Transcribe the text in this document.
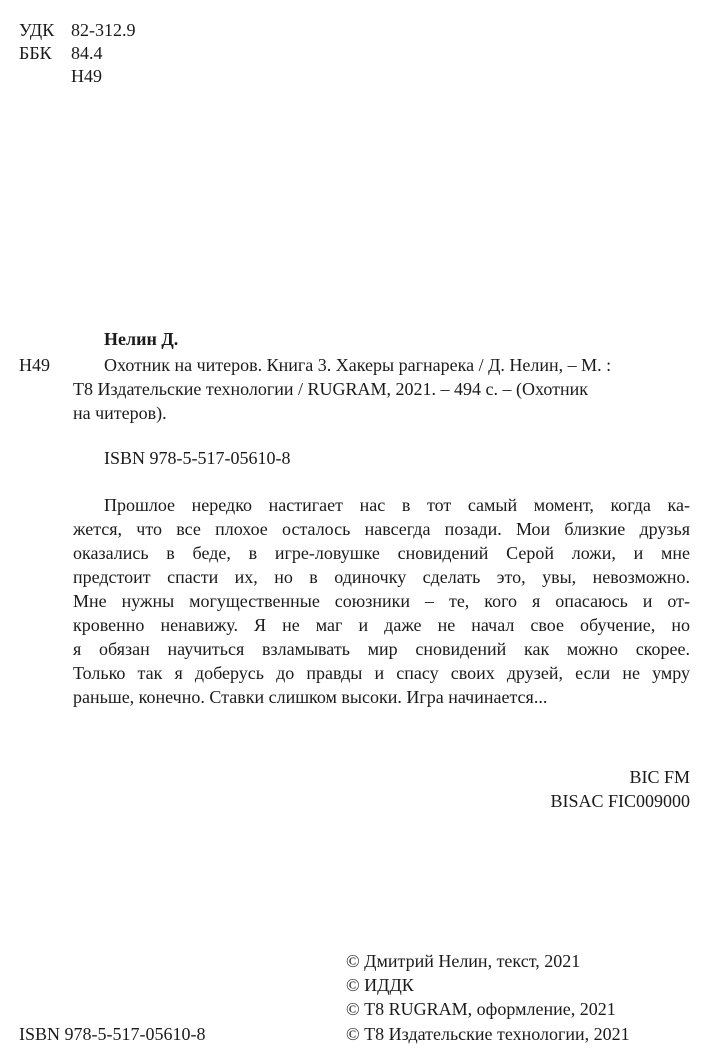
УДК 82-312.9
ББК 84.4
Н49
Нелин Д.
Н49	Охотник на читеров. Книга 3. Хакеры рагнарека / Д. Нелин, – М. :
Т8 Издательские технологии / RUGRAM, 2021. – 494 с. – (Охотник
на читеров).
ISBN 978-5-517-05610-8
Прошлое нередко настигает нас в тот самый момент, когда ка-
жется, что все плохое осталось навсегда позади. Мои близкие друзья
оказались в беде, в игре-ловушке сновидений Серой ложи, и мне
предстоит спасти их, но в одиночку сделать это, увы, невозможно.
Мне нужны могущественные союзники – те, кого я опасаюсь и от-
кровенно ненавижу. Я не маг и даже не начал свое обучение, но
я обязан научиться взламывать мир сновидений как можно скорее.
Только так я доберусь до правды и спасу своих друзей, если не умру
раньше, конечно. Ставки слишком высоки. Игра начинается...
BIC FM
BISAC FIC009000
© Дмитрий Нелин, текст, 2021
© ИДДК
© Т8 RUGRAM, оформление, 2021
© Т8 Издательские технологии, 2021
ISBN 978-5-517-05610-8
